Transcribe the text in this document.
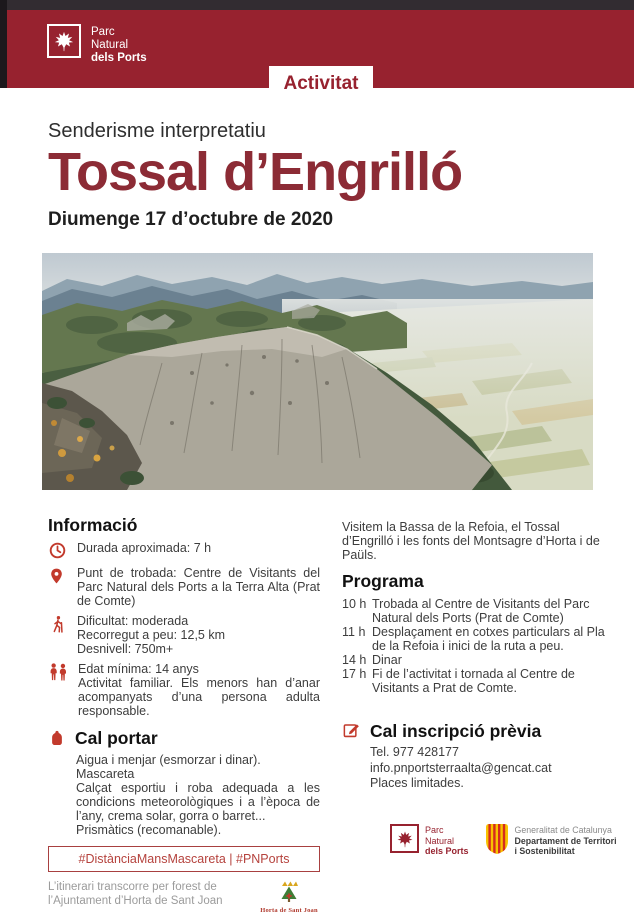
Parc
Natural
dels Ports
Activitat
Senderisme interpretatiu
Tossal d’Engrilló
Diumenge 17 d’octubre de 2020
Informació
Durada aproximada: 7 h
Punt de trobada: Centre de Visitants del Parc Natural dels Ports a la Terra Alta (Prat de Comte)
Dificultat: moderada
Recorregut a peu: 12,5 km
Desnivell: 750m+
Edat mínima: 14 anys
Activitat familiar. Els menors han d’anar acompanyats d’una persona adulta responsable.
Cal portar
Aigua i menjar (esmorzar i dinar).
Mascareta
Calçat esportiu i roba adequada a les condicions meteorològiques i a l’època de l’any, crema solar, gorra o barret...
Prismàtics (recomanable).
#DistànciaMansMascareta | #PNPorts
L’itinerari transcorre per forest de
l’Ajuntament d’Horta de Sant Joan
Horta de Sant Joan
Visitem la Bassa de la Refoia, el Tossal d’Engrilló i les fonts del Montsagre d’Horta i de Paüls.
Programa
10 h Trobada al Centre de Visitants del Parc Natural dels Ports (Prat de Comte)
11 h Desplaçament en cotxes particulars al Pla de la Refoia i inici de la ruta a peu.
14 h Dinar
17 h Fi de l’activitat i tornada al Centre de Visitants a Prat de Comte.
Cal inscripció prèvia
Tel. 977 428177
info.pnportsterraalta@gencat.cat
Places limitades.
Parc
Natural
dels Ports
Generalitat de Catalunya
Departament de Territori
i Sostenibilitat
